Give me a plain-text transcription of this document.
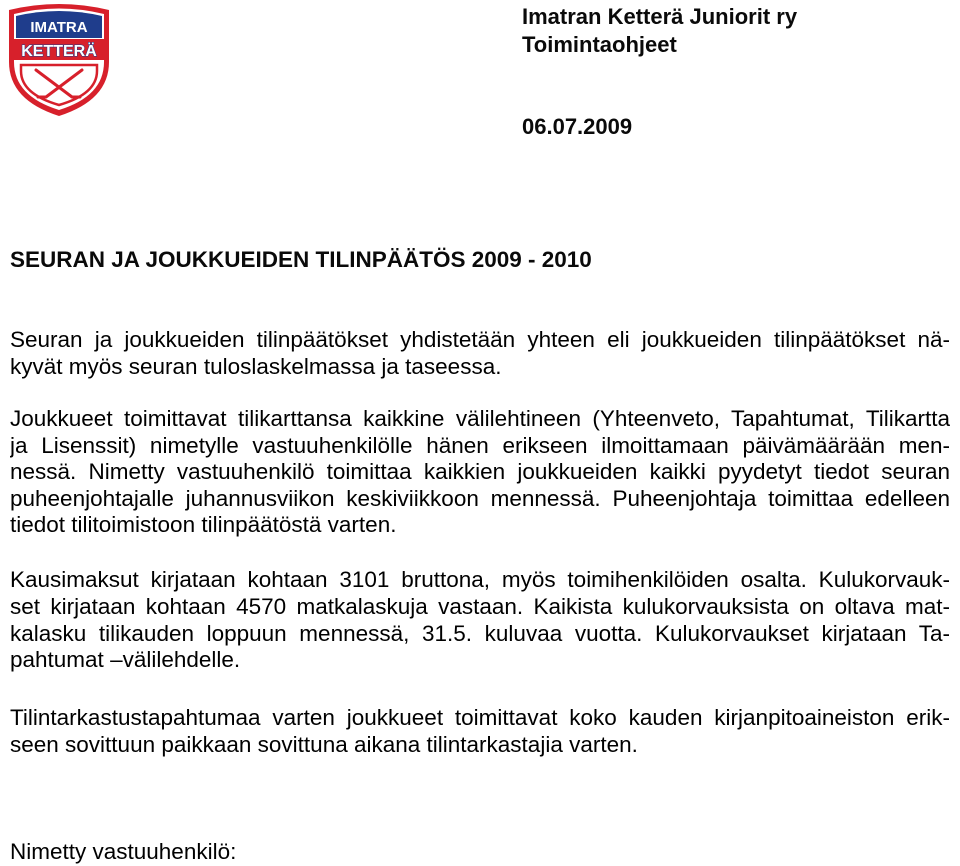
IMATRA
KETTERÄ
Imatran Ketterä Juniorit ry
Toimintaohjeet
06.07.2009
SEURAN JA JOUKKUEIDEN TILINPÄÄTÖS 2009 - 2010
Seuran ja joukkueiden tilinpäätökset yhdistetään yhteen eli joukkueiden tilinpäätökset nä-
kyvät myös seuran tuloslaskelmassa ja taseessa.
Joukkueet toimittavat tilikarttansa kaikkine välilehtineen (Yhteenveto, Tapahtumat, Tilikartta
ja Lisenssit) nimetylle vastuuhenkilölle hänen erikseen ilmoittamaan päivämäärään men-
nessä. Nimetty vastuuhenkilö toimittaa kaikkien joukkueiden kaikki pyydetyt tiedot seuran
puheenjohtajalle juhannusviikon keskiviikkoon mennessä. Puheenjohtaja toimittaa edelleen
tiedot tilitoimistoon tilinpäätöstä varten.
Kausimaksut kirjataan kohtaan 3101 bruttona, myös toimihenkilöiden osalta. Kulukorvauk-
set kirjataan kohtaan 4570 matkalaskuja vastaan. Kaikista kulukorvauksista on oltava mat-
kalasku tilikauden loppuun mennessä, 31.5. kuluvaa vuotta. Kulukorvaukset kirjataan Ta-
pahtumat –välilehdelle.
Tilintarkastustapahtumaa varten joukkueet toimittavat koko kauden kirjanpitoaineiston erik-
seen sovittuun paikkaan sovittuna aikana tilintarkastajia varten.
Nimetty vastuuhenkilö:
